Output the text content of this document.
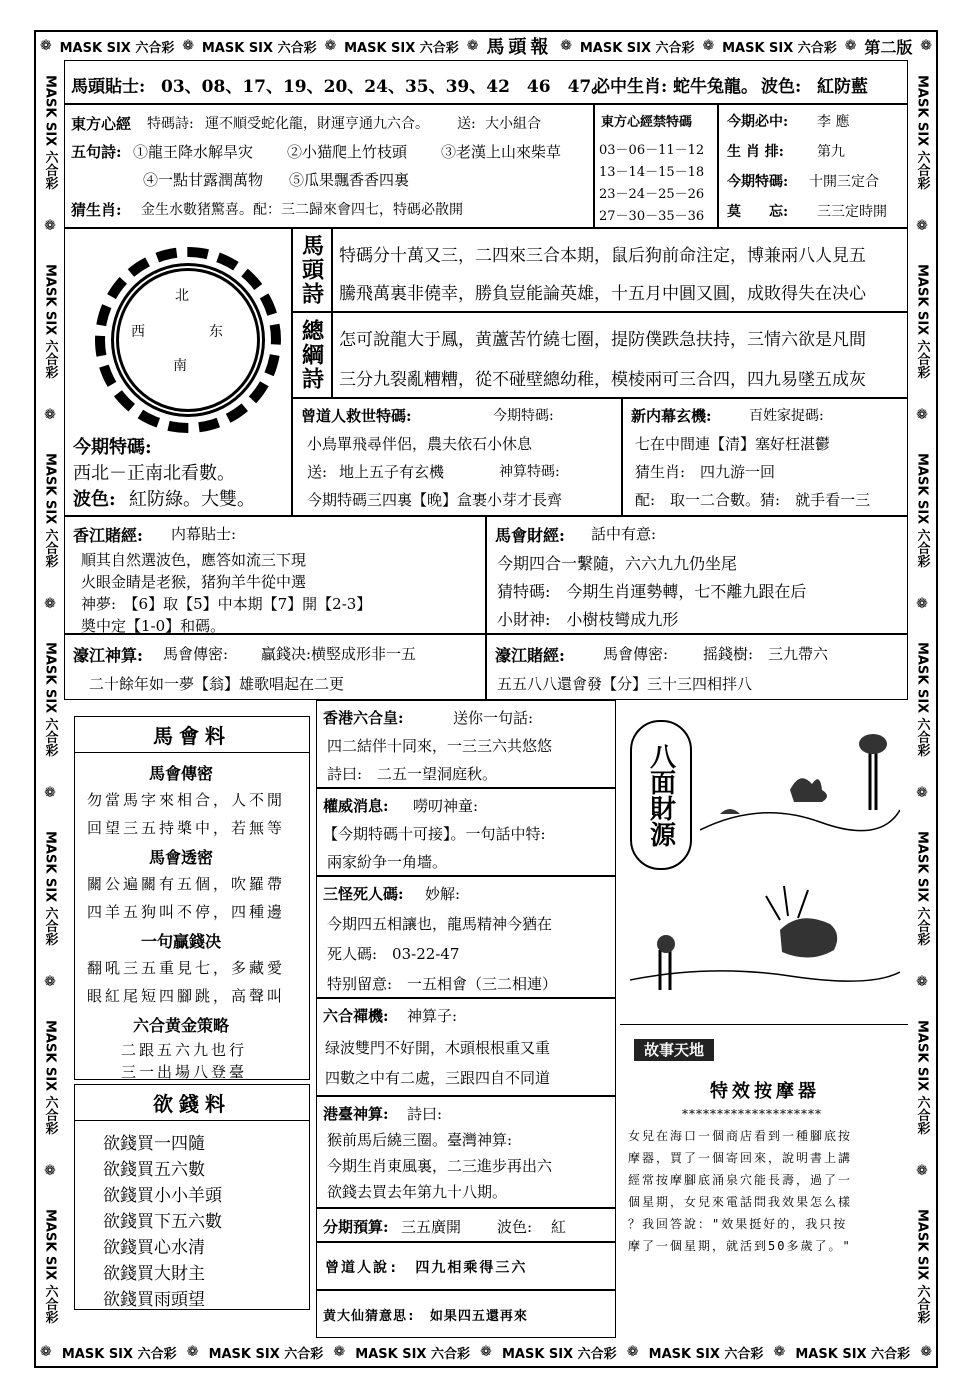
❁ MASK SIX 六合彩 ❁ MASK SIX 六合彩 ❁ MASK SIX 六合彩 ❁ 馬頭報 ❁ MASK SIX 六合彩 ❁ MASK SIX 六合彩 ❁ 第二版 ❁
❁ MASK SIX 六合彩 ❁ MASK SIX 六合彩 ❁ MASK SIX 六合彩 ❁ MASK SIX 六合彩 ❁ MASK SIX 六合彩 ❁ MASK SIX 六合彩 ❁
MASK SIX 六合彩
❁
MASK SIX 六合彩
❁
MASK SIX 六合彩
❁
MASK SIX 六合彩
❁
MASK SIX 六合彩
❁
MASK SIX 六合彩
❁
MASK SIX 六合彩
MASK SIX 六合彩
❁
MASK SIX 六合彩
❁
MASK SIX 六合彩
❁
MASK SIX 六合彩
❁
MASK SIX 六合彩
❁
MASK SIX 六合彩
❁
MASK SIX 六合彩
馬頭貼士: 03、08、17、19、20、24、35、39、42　46　47。
必中生肖: 蛇牛兔龍。 波色: 紅防藍
東方心經 特碼詩: 運不順受蛇化龍，財運亨通九六合。 送: 大小組合
五句詩: ①龍王降水解旱灾 ②小猫爬上竹枝頭 ③老漢上山來柴草
④一點甘露潤萬物 ⑤瓜果飄香香四裏
猜生肖: 金生水數猪驚喜。配：三二歸來會四七，特碼必散開
東方心經禁特碼
03－06－11－12
13－14－15－18
23－24－25－26
27－30－35－36
今期必中: 李 應
生 肖 排: 第九
今期特碼: 十開三定合
莫　　忘: 三三定時開
北
西	东
南
今期特碼:
西北－正南北看數。
波色: 紅防綠。大雙。
馬頭詩 特碼分十萬又三，二四來三合本期，鼠后狗前命注定，博兼兩八人見五
騰飛萬裏非僥幸，勝負豈能論英雄，十五月中圓又圓，成敗得失在决心
總綱詩 怎可說龍大于鳳，黄蘆苦竹繞七圈，提防僕跌急扶持，三情六欲是凡間
三分九裂亂糟糟，從不碰壁總幼稚，模棱兩可三合四，四九易墜五成灰
曾道人救世特碼:	今期特碼:
小鳥單飛尋伴侶，農夫依石小休息
送: 地上五子有玄機	神算特碼:
今期特碼三四裏【晚】盒裹小芽才長齊
新内幕玄機:	百姓家捉碼:
七在中間連【清】塞好枉湛鬱
猜生肖:　四九游一回
配:　取一二合數。猜:　就手看一三
香江賭經: 内幕貼士:
順其自然選波色，應答如流三下現
火眼金睛是老猴，猪狗羊牛從中選
神夢:　【6】取【5】中本期【7】開【2-3】
奬中定【1-0】和碼。
馬會財經: 話中有意:
今期四合一繫隨，六六九九仍坐尾
猜特碼:　今期生肖運勢轉，七不離九跟在后
小財神:　小樹枝彎成九形
濠江神算: 馬會傳密: 贏錢决:横竪成形非一五
二十餘年如一夢【翁】雄歌唱起在二更
濠江賭經:	馬會傳密: 摇錢樹:　三九帶六
五五八八還會發【分】三十三四相拌八
馬會料
馬會傳密
勿當馬字來相合，人不閒
回望三五持槳中，若無等
馬會透密
關公遍關有五個，吹羅帶
四羊五狗叫不停，四種邊
一句贏錢决
翻吼三五重見七，多藏愛
眼紅尾短四腳跳，高聲叫
六合黄金策略
二跟五六九也行
三一出場八登臺
欲錢料
欲錢買一四隨
欲錢買五六數
欲錢買小小羊頭
欲錢買下五六數
欲錢買心水清
欲錢買大財主
欲錢買雨頭望
香港六合皇:	送你一句話:
四二結伴十同來，一三三六共悠悠
詩曰:　二五一望洞庭秋。
權威消息: 嘮叨神童:
【今期特碼十可接】。一句話中特:
兩家紛争一角墻。
三怪死人碼: 妙解:
今期四五相讓也，龍馬精神今猶在
死人碼:　03-22-47
特别留意:　一五相會（三二相連）
六合禪機: 神算子:
绿波雙門不好開，木頭根根重又重
四數之中有二處，三跟四自不同道
港臺神算: 詩曰:
猴前馬后繞三圈。臺灣神算:
今期生肖東風裏，二三進步再出六
欲錢去買去年第九十八期。
分期預算: 三五廣開 波色: 紅
曾道人說:　四九相乘得三六
黄大仙猜意思:　如果四五還再來
八面財源
故事天地
特效按摩器
********************
女兒在海口一個商店看到一種腳底按
摩器，買了一個寄回來，說明書上講
經常按摩腳底涌泉穴能長壽，過了一
個星期，女兒來電話問我效果怎么樣
？我回答說："效果挺好的，我只按
摩了一個星期，就活到50多歲了。"
